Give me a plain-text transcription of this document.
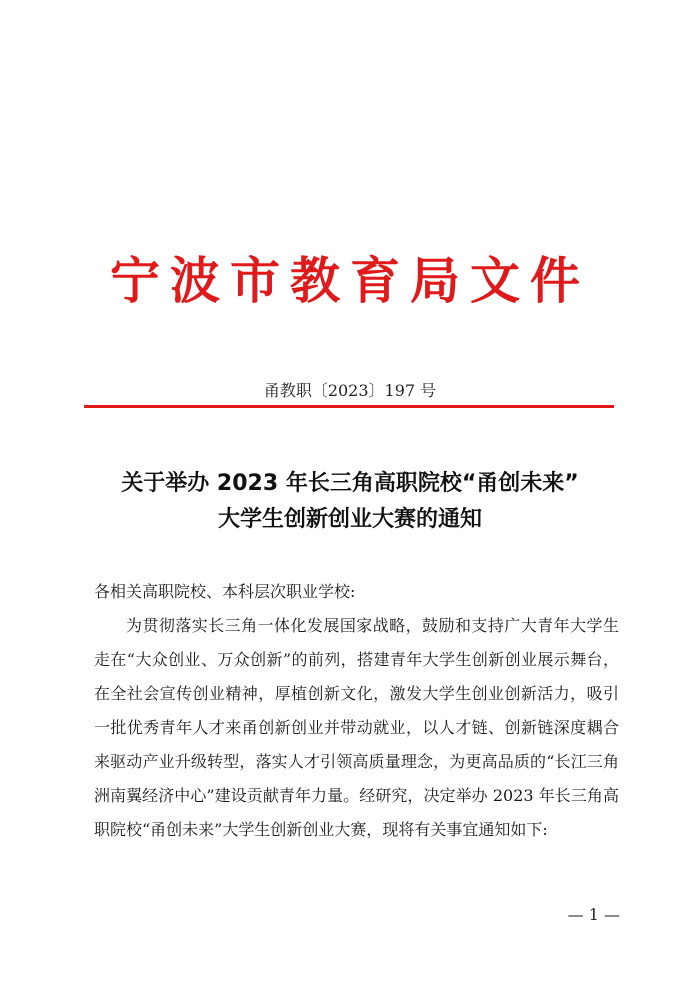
宁波市教育局文件
甬教职〔2023〕197 号
关于举办 2023 年长三角高职院校“甬创未来”
大学生创新创业大赛的通知
各相关高职院校、本科层次职业学校:
为贯彻落实长三角一体化发展国家战略，鼓励和支持广大青年大学生走在“大众创业、万众创新”的前列，搭建青年大学生创新创业展示舞台，在全社会宣传创业精神，厚植创新文化，激发大学生创业创新活力，吸引一批优秀青年人才来甬创新创业并带动就业，以人才链、创新链深度耦合来驱动产业升级转型，落实人才引领高质量理念，为更高品质的“长江三角洲南翼经济中心”建设贡献青年力量。经研究，决定举办 2023 年长三角高职院校“甬创未来”大学生创新创业大赛，现将有关事宜通知如下:
— 1 —
